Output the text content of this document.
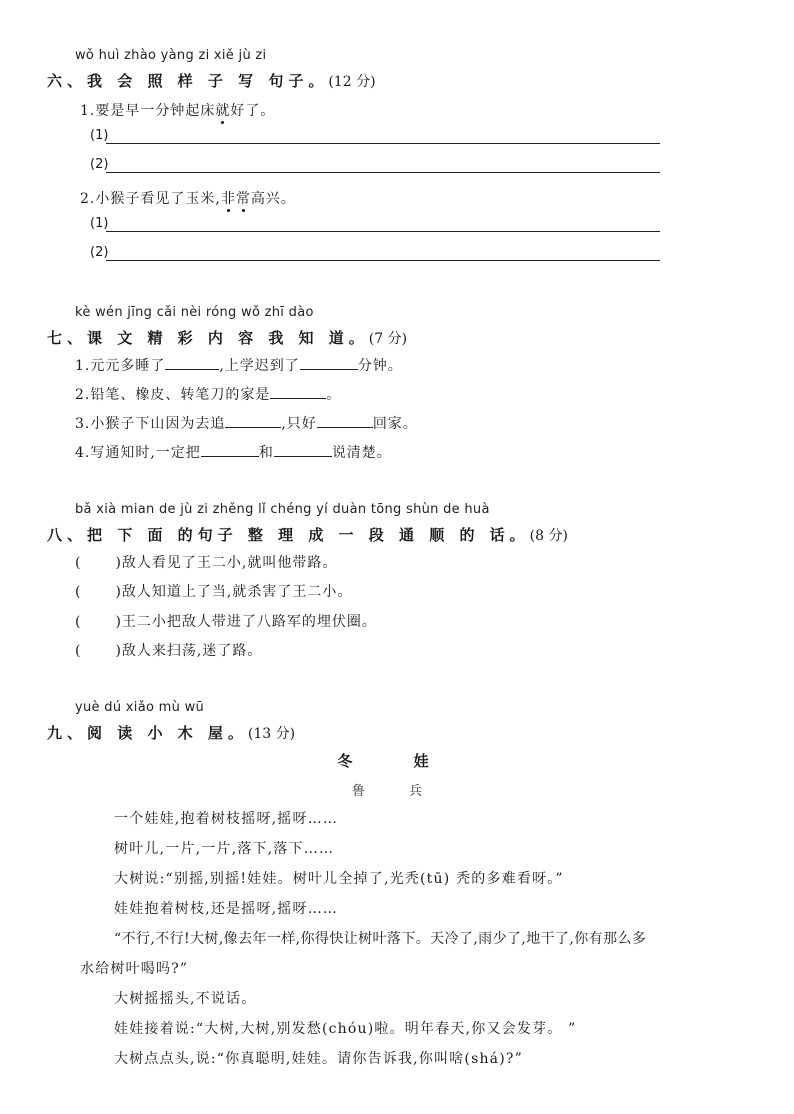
wǒ huì zhào yàng zi xiě jù zi
六、我 会 照 样 子 写 句子。(12 分)
1.要是早一分钟起床就好了。
(1)
(2)
2.小猴子看见了玉米,非常高兴。
(1)
(2)
kè wén jīng cǎi nèi róng wǒ zhī dào
七、课 文 精 彩 内 容 我 知 道。(7 分)
1.元元多睡了	,上学迟到了	分钟。
2.铅笔、橡皮、转笔刀的家是	。
3.小猴子下山因为去追	,只好	回家。
4.写通知时,一定把	和	说清楚。
bǎ xià mian de jù zi zhěng lǐ chéng yí duàn tōng shùn de huà
八、把 下 面 的句子 整 理 成 一 段 通 顺 的 话。(8 分)
( )敌人看见了王二小,就叫他带路。
( )敌人知道上了当,就杀害了王二小。
( )王二小把敌人带进了八路军的埋伏圈。
( )敌人来扫荡,迷了路。
yuè dú xiǎo mù wū
九、阅 读 小 木 屋。(13 分)
冬 娃
鲁 兵
一个娃娃,抱着树枝摇呀,摇呀……
树叶儿,一片,一片,落下,落下……
大树说:“别摇,别摇!娃娃。树叶儿全掉了,光秃(tū) 秃的多难看呀。”
娃娃抱着树枝,还是摇呀,摇呀……
“不行,不行!大树,像去年一样,你得快让树叶落下。天冷了,雨少了,地干了,你有那么多
水给树叶喝吗?”
大树摇摇头,不说话。
娃娃接着说:“大树,大树,别发愁(chóu)啦。明年春天,你又会发芽。 ”
大树点点头,说:“你真聪明,娃娃。请你告诉我,你叫啥(shá)?”
